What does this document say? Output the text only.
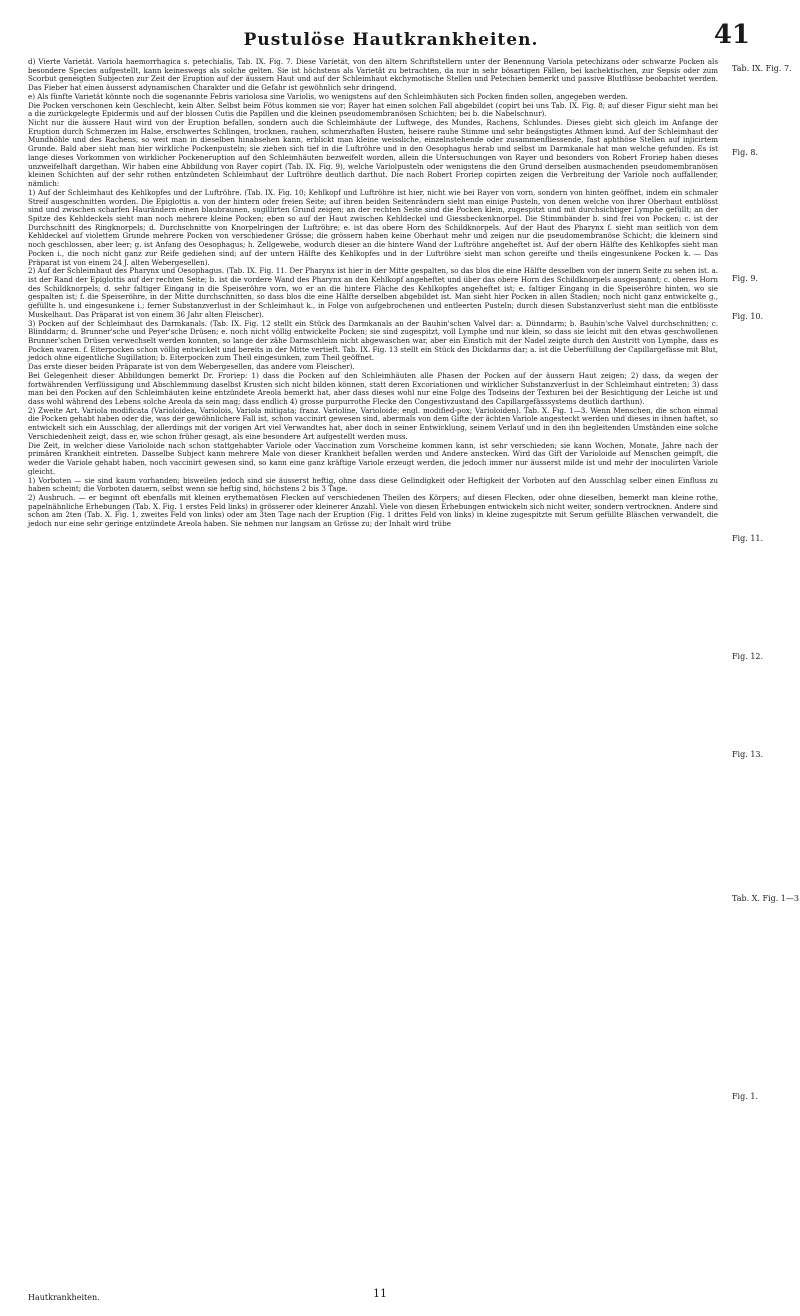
Pustulöse Hautkrankheiten.	41

d) Vierte Varietät. Variola haemorrhagica s. petechialis, Tab. IX. Fig. 7. Diese Varietät, von den ältern Schriftstellern unter der Benennung Variola petechizans oder schwarze Pocken als besondere Species aufgestellt, kann keineswegs als solche gelten. Sie ist höchstens als Varietät zu betrachten, da nur in sehr bösartigen Fällen, bei kachektischen, zur Sepsis oder zum Scorbut geneigten Subjecten zur Zeit der Eruption auf der äussern Haut und auf der Schleimhaut ekchymotische Stellen und Petechien bemerkt und passive Blutflüsse beobachtet werden. Das Fieber hat einen äusserst adynamischen Charakter und die Gefahr ist gewöhnlich sehr dringend.

e) Als fünfte Varietät könnte noch die sogenannte Febris variolosa sine Variolis, wo wenigstens auf den Schleimhäuten sich Pocken finden sollen, angegeben werden.

Die Pocken verschonen kein Geschlecht, kein Alter. Selbst beim Fötus kommen sie vor; Rayer hat einen solchen Fall abgebildet (copirt bei uns Tab. IX. Fig. 8; auf dieser Figur sieht man bei a die zurückgelegte Epidermis und auf der blossen Cutis die Papillen und die kleinen pseudomembranösen Schichten; bei b. die Nabelschnur).

Nicht nur die äussere Haut wird von der Eruption befallen, sondern auch die Schleimhäute der Luftwege, des Mundes, Rachens, Schlundes. Dieses giebt sich gleich im Anfange der Eruption durch Schmerzen im Halse, erschwertes Schlingen, trocknen, rauhen, schmerzhaften Husten, heisere rauhe Stimme und sehr beängstigtes Athmen kund. Auf der Schleimhaut der Mundhöhle und des Rachens, so weit man in dieselben hinabsehen kann, erblickt man kleine weissliche, einzelnstehende oder zusammenfliessende, fast aphthöse Stellen auf injicirtem Grunde. Bald aber sieht man hier wirkliche Pockenpusteln; sie ziehen sich tief in die Luftröhre und in den Oesophagus herab und selbst im Darmkanale hat man welche gefunden. Es ist lange dieses Vorkommen von wirklicher Pockeneruption auf den Schleimhäuten bezweifelt worden, allein die Untersuchungen von Rayer und besonders von Robert Froriep haben dieses unzweifelhaft dargethan. Wir haben eine Abbildung von Rayer copirt (Tab. IX. Fig. 9), welche Variolpusteln oder wenigstens die den Grund derselben ausmachenden pseudomembranösen kleinen Schichten auf der sehr rothen entzündeten Schleimhaut der Luftröhre deutlich darthut. Die nach Robert Froriep copirten zeigen die Verbreitung der Variole noch auffallender, nämlich:

1) Auf der Schleimhaut des Kehlkopfes und der Luftröhre. (Tab. IX. Fig. 10; Kehlkopf und Luftröhre ist hier, nicht wie bei Rayer von vorn, sondern von hinten geöffnet, indem ein schmaler Streif ausgeschnitten worden. Die Epiglottis a. von der hintern oder freien Seite; auf ihren beiden Seitenrändern sieht man einige Pusteln, von denen welche von ihrer Oberhaut entblösst sind und zwischen scharfen Haurändern einen blaubraunen, sugillirten Grund zeigen; an der rechten Seite sind die Pocken klein, zugespitzt und mit durchsichtiger Lymphe gefüllt; an der Spitze des Kehldeckels sieht man noch mehrere kleine Pocken; eben so auf der Haut zwischen Kehldeckel und Giessbeckenknorpel. Die Stimmbänder b. sind frei von Pocken; c. ist der Durchschnitt des Ringknorpels; d. Durchschnitte von Knorpelringen der Luftröhre; e. ist das obere Horn des Schildknorpels. Auf der Haut des Pharynx f. sieht man seitlich von dem Kehldeckel auf violettem Grunde mehrere Pocken von verschiedener Grösse; die grössern haben keine Oberhaut mehr und zeigen nur die pseudomembranöse Schicht; die kleinern sind noch geschlossen, aber leer; g. ist Anfang des Oesophagus; h. Zellgewebe, wodurch dieser an die hintere Wand der Luftröhre angeheftet ist. Auf der obern Hälfte des Kehlkopfes sieht man Pocken i., die noch nicht ganz zur Reife gediehen sind; auf der untern Hälfte des Kehlkopfes und in der Luftröhre sieht man schon gereifte und theils eingesunkene Pocken k. — Das Präparat ist von einem 24 J. alten Webergesellen).

2) Auf der Schleimhaut des Pharynx und Oesophagus. (Tab. IX. Fig. 11. Der Pharynx ist hier in der Mitte gespalten, so das blos die eine Hälfte desselben von der innern Seite zu sehen ist. a. ist der Rand der Epiglottis auf der rechten Seite; b. ist die vordere Wand des Pharynx an den Kehlkopf angeheftet und über das obere Horn des Schildknorpels ausgespannt; c. oberes Horn des Schildknorpels; d. sehr faltiger Eingang in die Speiseröhre vorn, wo er an die hintere Fläche des Kehlkopfes angeheftet ist; e. faltiger Eingang in die Speiseröhre hinten, wo sie gespalten ist; f. die Speiseröhre, in der Mitte durchschnitten, so dass blos die eine Hälfte derselben abgebildet ist. Man sieht hier Pocken in allen Stadien; noch nicht ganz entwickelte g., gefüllte h. und eingesunkene i.; ferner Substanzverlust in der Schleimhaut k., in Folge von aufgebrochenen und entleerten Pusteln; durch diesen Substanzverlust sieht man die entblösste Muskelhaut. Das Präparat ist von einem 36 Jahr alten Fleischer).

3) Pocken auf der Schleimhaut des Darmkanals. (Tab. IX. Fig. 12 stellt ein Stück des Darmkanals an der Bauhin'schen Valvel dar: a. Dünndarm; b. Bauhin'sche Valvel durchschnitten; c. Blinddarm; d. Brunner'sche und Peyer'sche Drüsen; e. noch nicht völlig entwickelte Pocken; sie sind zugespitzt, voll Lymphe und nur klein, so dass sie leicht mit den etwas geschwollenen Brunner'schen Drüsen verwechselt werden konnten, so lange der zähe Darmschleim nicht abgewaschen war, aber ein Einstich mit der Nadel zeigte durch den Austritt von Lymphe, dass es Pocken waren. f. Eiterpocken schon völlig entwickelt und bereits in der Mitte vertieft. Tab. IX. Fig. 13 stellt ein Stück des Dickdarms dar; a. ist die Ueberfüllung der Capillargefässe mit Blut, jedoch ohne eigentliche Sugillation; b. Eiterpocken zum Theil eingesunken, zum Theil geöffnet.

Das erste dieser beiden Präparate ist von dem Webergesellen, das andere vom Fleischer).

Bei Gelegenheit dieser Abbildungen bemerkt Dr. Froriep: 1) dass die Pocken auf den Schleimhäuten alle Phasen der Pocken auf der äussern Haut zeigen; 2) dass, da wegen der fortwährenden Verflüssigung und Abschlemmung daselbst Krusten sich nicht bilden können, statt deren Excoriationen und wirklicher Substanzverlust in der Schleimhaut eintreten; 3) dass man bei den Pocken auf den Schleimhäuten keine entzündete Areola bemerkt hat, aber dass dieses wohl nur eine Folge des Todseins der Texturen bei der Besichtigung der Leiche ist und dass wohl während des Lebens solche Areola da sein mag; dass endlich 4) grosse purpurrothe Flecke den Congestivzustand des Capillargefässsystems deutlich darthun).

2) Zweite Art. Variola modificata (Varioloidea, Variolois, Variola mitigata; franz. Varioline, Varioloide; engl. modified-pox; Varioloiden). Tab. X. Fig. 1—3. Wenn Menschen, die schon einmal die Pocken gehabt haben oder die, was der gewöhnlichere Fall ist, schon vaccinirt gewesen sind, abermals von dem Gifte der ächten Variole angesteckt werden und dieses in ihnen haftet, so entwickelt sich ein Ausschlag, der allerdings mit der vorigen Art viel Verwandtes hat, aber doch in seiner Entwicklung, seinem Verlauf und in den ihn begleitenden Umständen eine solche Verschiedenheit zeigt, dass er, wie schon früher gesagt, als eine besondere Art aufgestellt werden muss.

Die Zeit, in welcher diese Varioloide nach schon stattgehabter Variole oder Vaccination zum Vorscheine kommen kann, ist sehr verschieden; sie kann Wochen, Monate, Jahre nach der primären Krankheit eintreten. Dasselbe Subject kann mehrere Male von dieser Krankheit befallen werden und Andere anstecken. Wird das Gift der Varioloide auf Menschen geimpft, die weder die Variole gehabt haben, noch vaccinirt gewesen sind, so kann eine ganz kräftige Variole erzeugt werden, die jedoch immer nur äusserst milde ist und mehr der inoculirten Variole gleicht.

1) Vorboten — sie sind kaum vorhanden; bisweilen jedoch sind sie äusserst heftig, ohne dass diese Gelindigkeit oder Heftigkeit der Vorboten auf den Ausschlag selber einen Einfluss zu haben scheint; die Vorboten dauern, selbst wenn sie heftig sind, höchstens 2 bis 3 Tage.

2) Ausbruch. — er beginnt oft ebenfalls mit kleinen erythematösen Flecken auf verschiedenen Theilen des Körpers; auf diesen Flecken, oder ohne dieselben, bemerkt man kleine rothe, papelnähnliche Erhebungen (Tab. X. Fig. 1 erstes Feld links) in grösserer oder kleinerer Anzahl. Viele von diesen Erhebungen entwickeln sich nicht weiter, sondern vertrocknen. Andere sind schon am 2ten (Tab. X. Fig. 1, zweites Feld von links) oder am 3ten Tage nach der Eruption (Fig. 1 drittes Feld von links) in kleine zugespitzte mit Serum gefüllte Bläschen verwandelt, die jedoch nur eine sehr geringe entzündete Areola haben. Sie nehmen nur langsam an Grösse zu; der Inhalt wird trübe

Tab. IX. Fig. 7.
Fig. 8.
Fig. 9.
Fig. 10.
Fig. 11.
Fig. 12.
Fig. 13.
Tab. X. Fig. 1—3
Fig. 1.
Hautkrankheiten.	11
